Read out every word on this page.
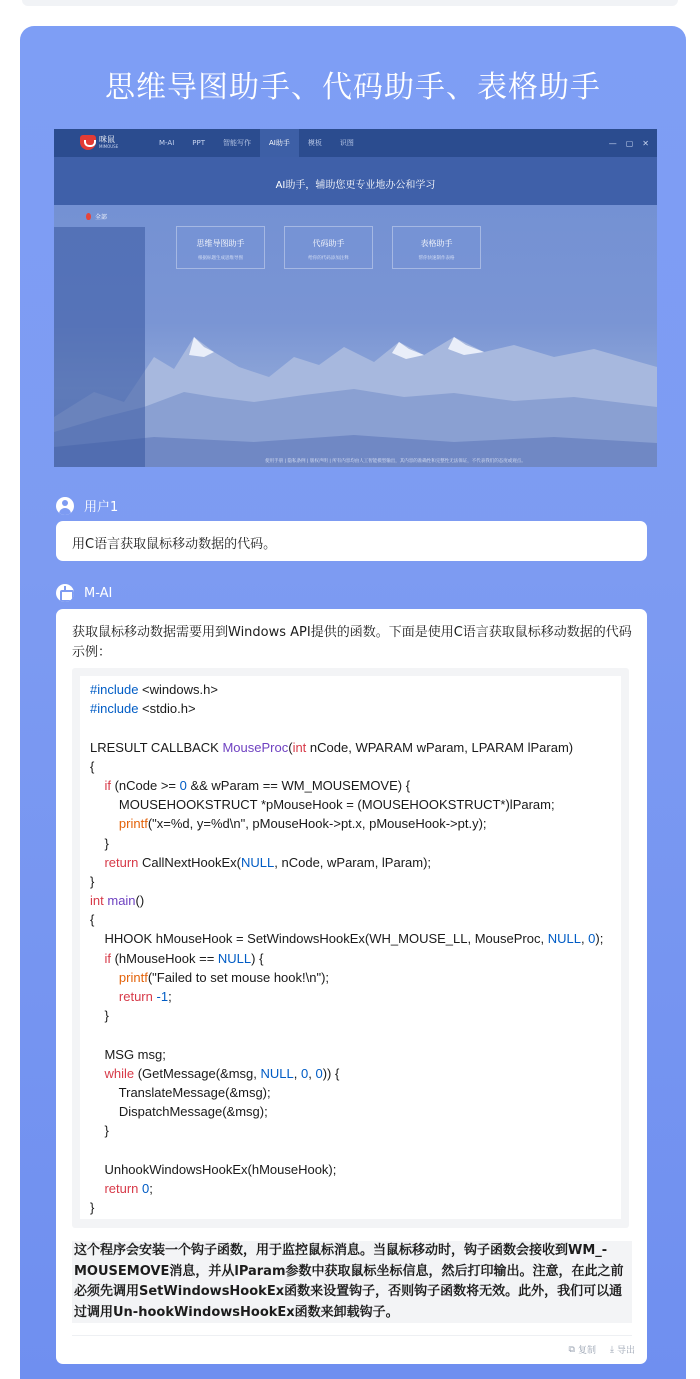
思维导图助手、代码助手、表格助手
咪鼠
MIMOUSE	M-AI	PPT	智能写作	AI助手	模板	识图	— ▢ ✕
AI助手，辅助您更专业地办公和学习
全部
思维导图助手
根据标题生成思维导图
代码助手
给你的代码添加注释
表格助手
帮你快速制作表格
使用手册 | 隐私条例 | 版权声明 | 所有内容均由人工智能模型输出，其内容的准确性和完整性无法保证，不代表我们的态度或观点。
用户1
用C语言获取鼠标移动数据的代码。
M-AI
获取鼠标移动数据需要用到Windows API提供的函数。下面是使用C语言获取鼠标移动数据的代码示例：
#include <windows.h>
#include <stdio.h>
LRESULT CALLBACK MouseProc(int nCode, WPARAM wParam, LPARAM lParam)
{
if (nCode >= 0 && wParam == WM_MOUSEMOVE) {
MOUSEHOOKSTRUCT *pMouseHook = (MOUSEHOOKSTRUCT*)lParam;
printf("x=%d, y=%d\n", pMouseHook->pt.x, pMouseHook->pt.y);
}
return CallNextHookEx(NULL, nCode, wParam, lParam);
}
int main()
{
HHOOK hMouseHook = SetWindowsHookEx(WH_MOUSE_LL, MouseProc, NULL, 0);
if (hMouseHook == NULL) {
printf("Failed to set mouse hook!\n");
return -1;
}
MSG msg;
while (GetMessage(&msg, NULL, 0, 0)) {
TranslateMessage(&msg);
DispatchMessage(&msg);
}
UnhookWindowsHookEx(hMouseHook);
return 0;
}
这个程序会安装一个钩子函数，用于监控鼠标消息。当鼠标移动时，钩子函数会接收到WM_-MOUSEMOVE消息，并从lParam参数中获取鼠标坐标信息，然后打印输出。注意，在此之前必须先调用SetWindowsHookEx函数来设置钩子，否则钩子函数将无效。此外，我们可以通过调用Un-hookWindowsHookEx函数来卸载钩子。
⧉ 复制 ⤓ 导出
